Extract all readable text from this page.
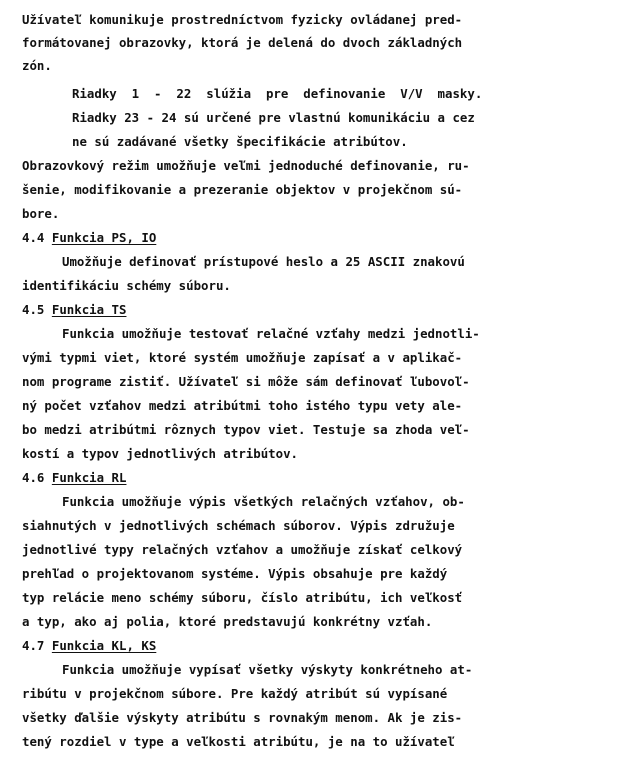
Užívateľ komunikuje prostredníctvom fyzicky ovládanej pred-
formátovanej obrazovky, ktorá je delená do dvoch základných
zón.
Riadky  1  -  22  slúžia  pre  definovanie  V/V  masky.
Riadky 23 - 24 sú určené pre vlastnú komunikáciu a cez
ne sú zadávané všetky špecifikácie atribútov.
Obrazovkový režim umožňuje veľmi jednoduché definovanie, ru-
šenie, modifikovanie a prezeranie objektov v projekčnom sú-
bore.
4.4 Funkcia PS, IO
Umožňuje definovať prístupové heslo a 25 ASCII znakovú
identifikáciu schémy súboru.
4.5 Funkcia TS
Funkcia umožňuje testovať relačné vzťahy medzi jednotli-
vými typmi viet, ktoré systém umožňuje zapísať a v aplikač-
nom programe zistiť. Užívateľ si môže sám definovať ľubovoľ-
ný počet vzťahov medzi atribútmi toho istého typu vety ale-
bo medzi atribútmi rôznych typov viet. Testuje sa zhoda veľ-
kostí a typov jednotlivých atribútov.
4.6 Funkcia RL
Funkcia umožňuje výpis všetkých relačných vzťahov, ob-
siahnutých v jednotlivých schémach súborov. Výpis združuje
jednotlivé typy relačných vzťahov a umožňuje získať celkový
prehľad o projektovanom systéme. Výpis obsahuje pre každý
typ relácie meno schémy súboru, číslo atribútu, ich veľkosť
a typ, ako aj polia, ktoré predstavujú konkrétny vzťah.
4.7 Funkcia KL, KS
Funkcia umožňuje vypísať všetky výskyty konkrétneho at-
ribútu v projekčnom súbore. Pre každý atribút sú vypísané
všetky ďalšie výskyty atribútu s rovnakým menom. Ak je zis-
tený rozdiel v type a veľkosti atribútu, je na to užívateľ
